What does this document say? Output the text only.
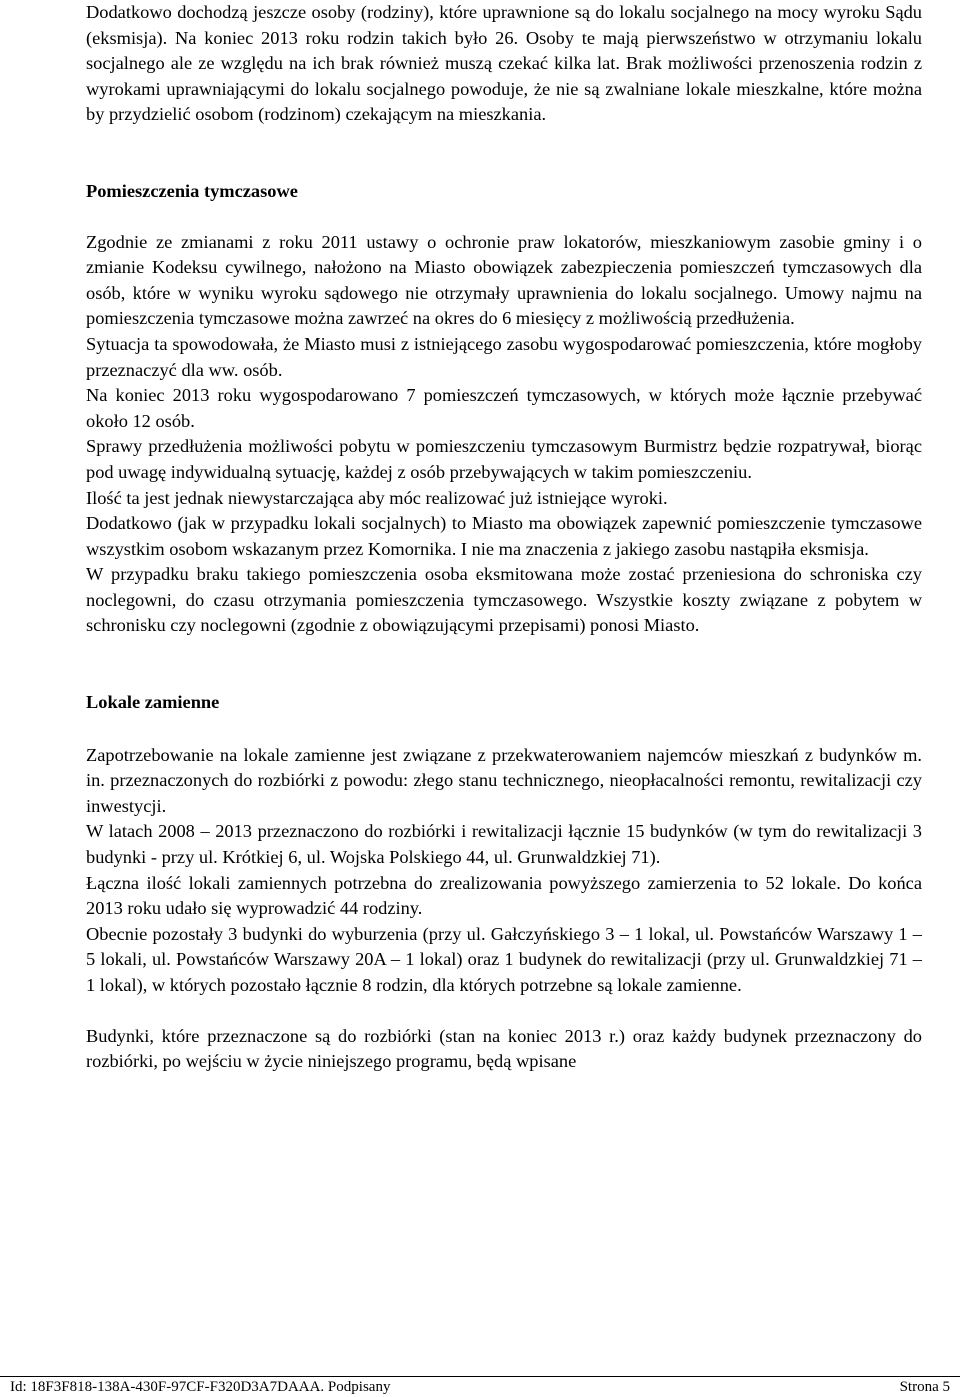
Dodatkowo dochodzą jeszcze osoby (rodziny), które uprawnione są do lokalu socjalnego na mocy wyroku Sądu (eksmisja). Na koniec 2013 roku rodzin takich było 26. Osoby te mają pierwszeństwo w otrzymaniu lokalu socjalnego ale ze względu na ich brak również muszą czekać kilka lat. Brak możliwości przenoszenia rodzin z wyrokami uprawniającymi do lokalu socjalnego powoduje, że nie są zwalniane lokale mieszkalne, które można by przydzielić osobom (rodzinom) czekającym na mieszkania.

Pomieszczenia tymczasowe

Zgodnie ze zmianami z roku 2011 ustawy o ochronie praw lokatorów, mieszkaniowym zasobie gminy i o zmianie Kodeksu cywilnego, nałożono na Miasto obowiązek zabezpieczenia pomieszczeń tymczasowych dla osób, które w wyniku wyroku sądowego nie otrzymały uprawnienia do lokalu socjalnego. Umowy najmu na pomieszczenia tymczasowe można zawrzeć na okres do 6 miesięcy z możliwością przedłużenia.

Sytuacja ta spowodowała, że Miasto musi z istniejącego zasobu wygospodarować pomieszczenia, które mogłoby przeznaczyć dla ww. osób.

Na koniec 2013 roku wygospodarowano 7 pomieszczeń tymczasowych, w których może łącznie przebywać około 12 osób.

Sprawy przedłużenia możliwości pobytu w pomieszczeniu tymczasowym Burmistrz będzie rozpatrywał, biorąc pod uwagę indywidualną sytuację, każdej z osób przebywających w takim pomieszczeniu.

Ilość ta jest jednak niewystarczająca aby móc realizować już istniejące wyroki.

Dodatkowo (jak w przypadku lokali socjalnych) to Miasto ma obowiązek zapewnić pomieszczenie tymczasowe wszystkim osobom wskazanym przez Komornika. I nie ma znaczenia z jakiego zasobu nastąpiła eksmisja.

W przypadku braku takiego pomieszczenia osoba eksmitowana może zostać przeniesiona do schroniska czy noclegowni, do czasu otrzymania pomieszczenia tymczasowego. Wszystkie koszty związane z pobytem w schronisku czy noclegowni (zgodnie z obowiązującymi przepisami) ponosi Miasto.

Lokale zamienne

Zapotrzebowanie na lokale zamienne jest związane z przekwaterowaniem najemców mieszkań z budynków m. in. przeznaczonych do rozbiórki z powodu: złego stanu technicznego, nieopłacalności remontu, rewitalizacji czy inwestycji.

W latach 2008 – 2013 przeznaczono do rozbiórki i rewitalizacji łącznie 15 budynków (w tym do rewitalizacji 3 budynki - przy ul. Krótkiej 6, ul. Wojska Polskiego 44, ul. Grunwaldzkiej 71).

Łączna ilość lokali zamiennych potrzebna do zrealizowania powyższego zamierzenia to 52 lokale. Do końca 2013 roku udało się wyprowadzić 44 rodziny.

Obecnie pozostały 3 budynki do wyburzenia (przy ul. Gałczyńskiego 3 – 1 lokal, ul. Powstańców Warszawy 1 – 5 lokali, ul. Powstańców Warszawy 20A – 1 lokal) oraz 1 budynek do rewitalizacji (przy ul. Grunwaldzkiej 71 – 1 lokal), w których pozostało łącznie 8 rodzin, dla których potrzebne są lokale zamienne.

Budynki, które przeznaczone są do rozbiórki (stan na koniec 2013 r.) oraz każdy budynek przeznaczony do rozbiórki, po wejściu w życie niniejszego programu, będą wpisane

Id: 18F3F818-138A-430F-97CF-F320D3A7DAAA. Podpisany	Strona 5
